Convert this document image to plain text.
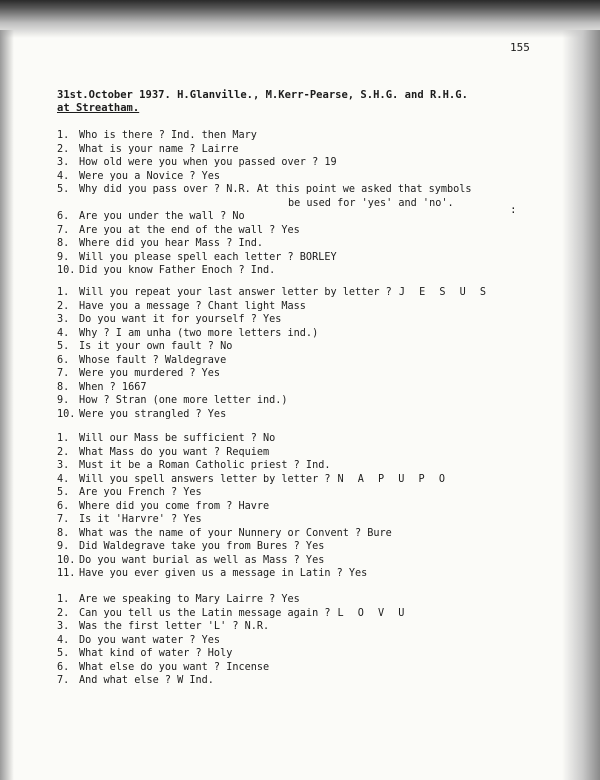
155
31st.October 1937. H.Glanville., M.Kerr-Pearse, S.H.G. and R.H.G.
at Streatham.
1. Who is there ? Ind. then Mary
2. What is your name ? Lairre
3. How old were you when you passed over ? 19
4. Were you a Novice ? Yes
5. Why did you pass over ? N.R. At this point we asked that symbols
be used for 'yes' and 'no'.
6. Are you under the wall ? No
7. Are you at the end of the wall ? Yes
8. Where did you hear Mass ? Ind.
9. Will you please spell each letter ? BORLEY
10. Did you know Father Enoch ? Ind.
1. Will you repeat your last answer letter by letter ? J E S U S
2. Have you a message ? Chant light Mass
3. Do you want it for yourself ? Yes
4. Why ? I am unha (two more letters ind.)
5. Is it your own fault ? No
6. Whose fault ? Waldegrave
7. Were you murdered ? Yes
8. When ? 1667
9. How ? Stran (one more letter ind.)
10. Were you strangled ? Yes
1. Will our Mass be sufficient ? No
2. What Mass do you want ? Requiem
3. Must it be a Roman Catholic priest ? Ind.
4. Will you spell answers letter by letter ? N A P U P O
5. Are you French ? Yes
6. Where did you come from ? Havre
7. Is it 'Harvre' ? Yes
8. What was the name of your Nunnery or Convent ? Bure
9. Did Waldegrave take you from Bures ? Yes
10. Do you want burial as well as Mass ? Yes
11. Have you ever given us a message in Latin ? Yes
1. Are we speaking to Mary Lairre ? Yes
2. Can you tell us the Latin message again ? L O V U
3. Was the first letter 'L' ? N.R.
4. Do you want water ? Yes
5. What kind of water ? Holy
6. What else do you want ? Incense
7. And what else ? W Ind.
:
